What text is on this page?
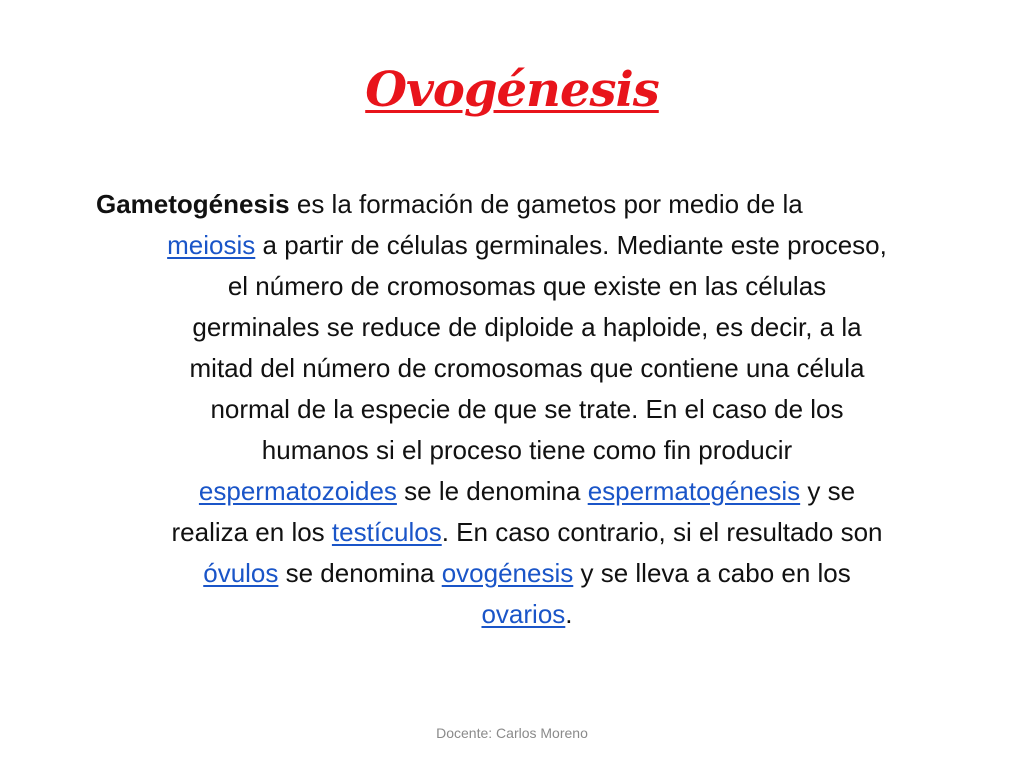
Ovogénesis
Gametogénesis es la formación de gametos por medio de la
meiosis a partir de células germinales. Mediante este proceso,
el número de cromosomas que existe en las células
germinales se reduce de diploide a haploide, es decir, a la
mitad del número de cromosomas que contiene una célula
normal de la especie de que se trate. En el caso de los
humanos si el proceso tiene como fin producir
espermatozoides se le denomina espermatogénesis y se
realiza en los testículos. En caso contrario, si el resultado son
óvulos se denomina ovogénesis y se lleva a cabo en los
ovarios.
Docente: Carlos Moreno
